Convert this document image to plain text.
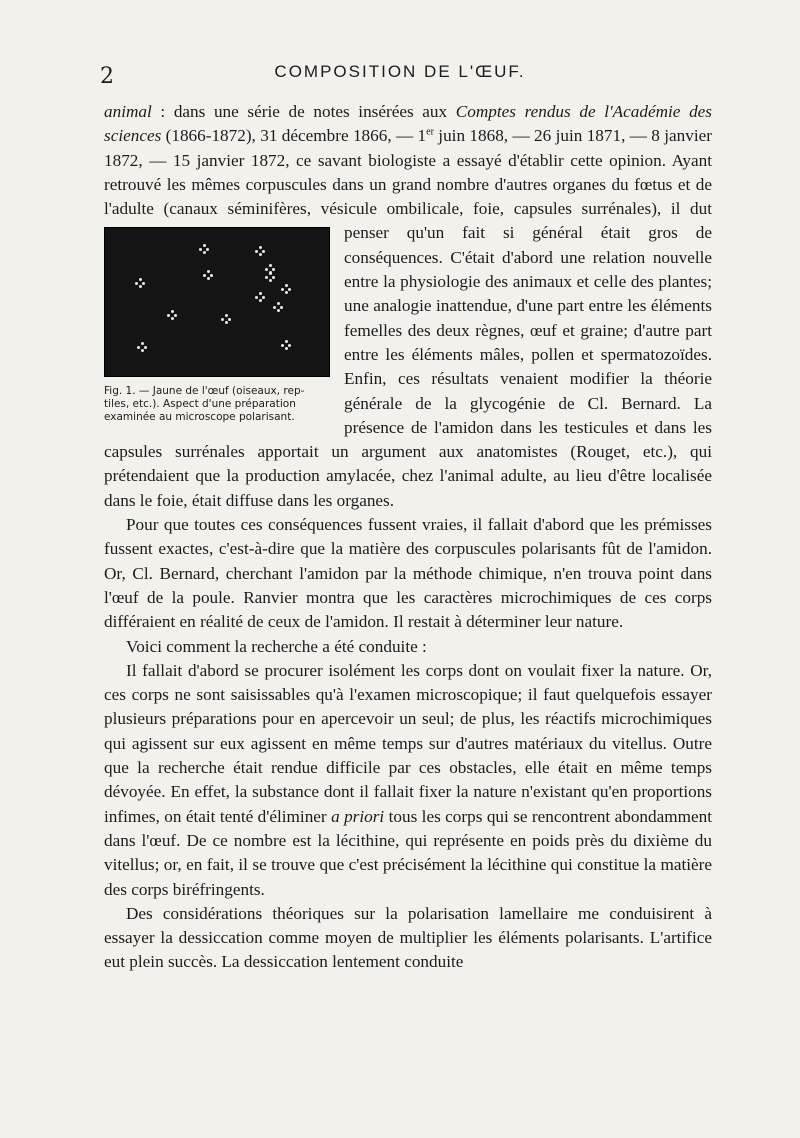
2	COMPOSITION DE L'ŒUF.

animal : dans une série de notes insérées aux Comptes rendus de l'Académie des sciences (1866-1872), 31 décembre 1866, — 1er juin 1868, — 26 juin 1871, — 8 janvier 1872, — 15 janvier 1872, ce savant biologiste a essayé d'établir cette opinion. Ayant retrouvé les mêmes corpuscules dans un grand nombre d'autres organes du fœtus et de l'adulte (canaux séminifères, vésicule ombilicale, foie, capsules surrénales), il dut penser qu'un
Fig. 1. — Jaune de l'œuf (oiseaux, rep-
tiles, etc.). Aspect d'une préparation
examinée au microscope polarisant.
fait si général était gros de conséquences. C'était d'abord une relation nouvelle entre la physiologie des animaux et celle des plantes; une analogie inattendue, d'une part entre les éléments femelles des deux règnes, œuf et graine; d'autre part entre les éléments mâles, pollen et spermatozoïdes. Enfin, ces résultats venaient modifier la théorie générale de la glycogénie de Cl. Bernard. La présence de l'amidon dans les testicules et dans les capsules surrénales apportait un argument aux anatomistes (Rouget, etc.), qui prétendaient que la production amylacée, chez l'animal adulte, au lieu d'être localisée dans le foie, était diffuse dans les organes.

Pour que toutes ces conséquences fussent vraies, il fallait d'abord que les prémisses fussent exactes, c'est-à-dire que la matière des corpuscules polarisants fût de l'amidon. Or, Cl. Bernard, cherchant l'amidon par la méthode chimique, n'en trouva point dans l'œuf de la poule. Ranvier montra que les caractères microchimiques de ces corps différaient en réalité de ceux de l'amidon. Il restait à déterminer leur nature.

Voici comment la recherche a été conduite :

Il fallait d'abord se procurer isolément les corps dont on voulait fixer la nature. Or, ces corps ne sont saisissables qu'à l'examen microscopique; il faut quelquefois essayer plusieurs préparations pour en apercevoir un seul; de plus, les réactifs microchimiques qui agissent sur eux agissent en même temps sur d'autres matériaux du vitellus. Outre que la recherche était rendue difficile par ces obstacles, elle était en même temps dévoyée. En effet, la substance dont il fallait fixer la nature n'existant qu'en proportions infimes, on était tenté d'éliminer a priori tous les corps qui se rencontrent abondamment dans l'œuf. De ce nombre est la lécithine, qui représente en poids près du dixième du vitellus; or, en fait, il se trouve que c'est précisément la lécithine qui constitue la matière des corps biréfringents.

Des considérations théoriques sur la polarisation lamellaire me conduisirent à essayer la dessiccation comme moyen de multiplier les éléments polarisants. L'artifice eut plein succès. La dessiccation lentement conduite
